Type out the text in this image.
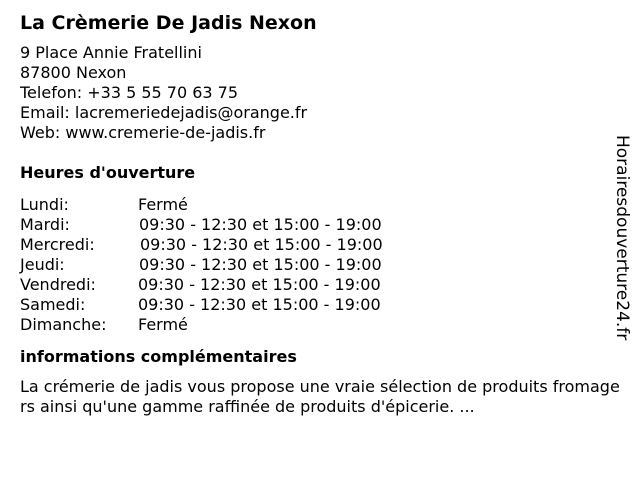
La Crèmerie De Jadis Nexon
9 Place Annie Fratellini
87800 Nexon
Telefon: +33 5 55 70 63 75
Email: lacremeriedejadis@orange.fr
Web: www.cremerie-de-jadis.fr
Heures d'ouverture
Lundi:	Fermé
Mardi:	09:30 - 12:30 et 15:00 - 19:00
Mercredi:	09:30 - 12:30 et 15:00 - 19:00
Jeudi:	09:30 - 12:30 et 15:00 - 19:00
Vendredi:	09:30 - 12:30 et 15:00 - 19:00
Samedi:	09:30 - 12:30 et 15:00 - 19:00
Dimanche: Fermé
informations complémentaires
La crémerie de jadis vous propose une vraie sélection de produits fromagers ainsi qu'une gamme raffinée de produits d'épicerie. ...
Horairesdouverture24.fr
